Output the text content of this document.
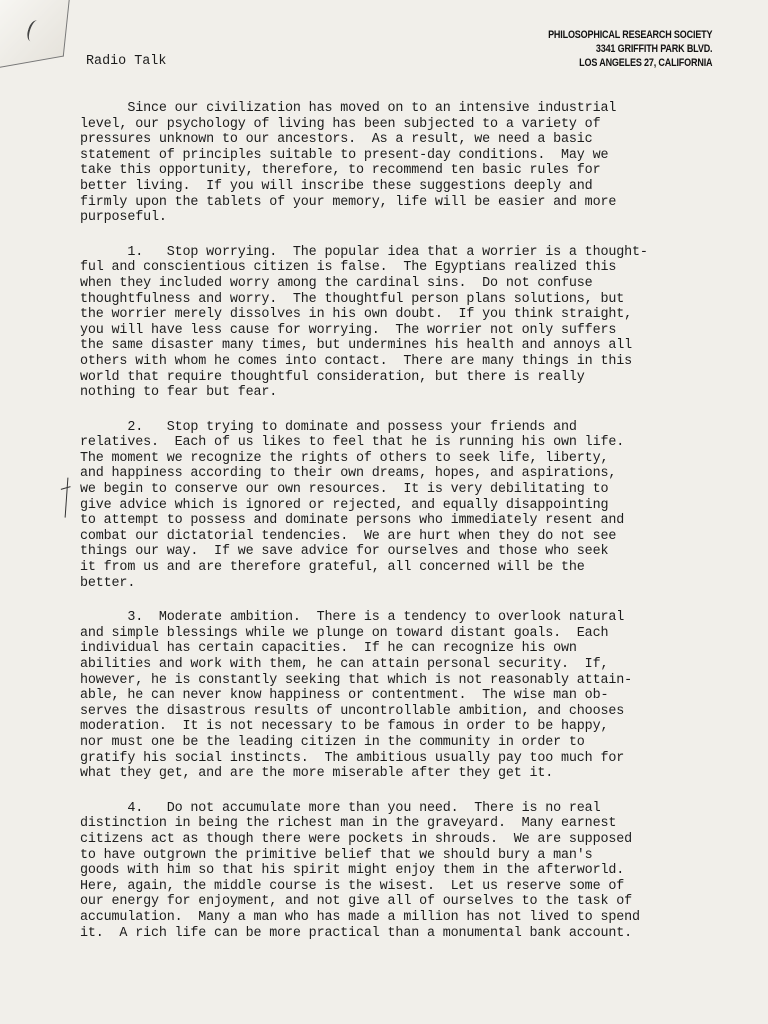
PHILOSOPHICAL RESEARCH SOCIETY
3341 GRIFFITH PARK BLVD.
LOS ANGELES 27, CALIFORNIA
Radio Talk
Since our civilization has moved on to an intensive industrial
level, our psychology of living has been subjected to a variety of
pressures unknown to our ancestors.  As a result, we need a basic
statement of principles suitable to present-day conditions.  May we
take this opportunity, therefore, to recommend ten basic rules for
better living.  If you will inscribe these suggestions deeply and
firmly upon the tablets of your memory, life will be easier and more
purposeful.
1.   Stop worrying.  The popular idea that a worrier is a thought-
ful and conscientious citizen is false.  The Egyptians realized this
when they included worry among the cardinal sins.  Do not confuse
thoughtfulness and worry.  The thoughtful person plans solutions, but
the worrier merely dissolves in his own doubt.  If you think straight,
you will have less cause for worrying.  The worrier not only suffers
the same disaster many times, but undermines his health and annoys all
others with whom he comes into contact.  There are many things in this
world that require thoughtful consideration, but there is really
nothing to fear but fear.
2.   Stop trying to dominate and possess your friends and
relatives.  Each of us likes to feel that he is running his own life.
The moment we recognize the rights of others to seek life, liberty,
and happiness according to their own dreams, hopes, and aspirations,
we begin to conserve our own resources.  It is very debilitating to
give advice which is ignored or rejected, and equally disappointing
to attempt to possess and dominate persons who immediately resent and
combat our dictatorial tendencies.  We are hurt when they do not see
things our way.  If we save advice for ourselves and those who seek
it from us and are therefore grateful, all concerned will be the
better.
3.  Moderate ambition.  There is a tendency to overlook natural
and simple blessings while we plunge on toward distant goals.  Each
individual has certain capacities.  If he can recognize his own
abilities and work with them, he can attain personal security.  If,
however, he is constantly seeking that which is not reasonably attain-
able, he can never know happiness or contentment.  The wise man ob-
serves the disastrous results of uncontrollable ambition, and chooses
moderation.  It is not necessary to be famous in order to be happy,
nor must one be the leading citizen in the community in order to
gratify his social instincts.  The ambitious usually pay too much for
what they get, and are the more miserable after they get it.
4.   Do not accumulate more than you need.  There is no real
distinction in being the richest man in the graveyard.  Many earnest
citizens act as though there were pockets in shrouds.  We are supposed
to have outgrown the primitive belief that we should bury a man's
goods with him so that his spirit might enjoy them in the afterworld.
Here, again, the middle course is the wisest.  Let us reserve some of
our energy for enjoyment, and not give all of ourselves to the task of
accumulation.  Many a man who has made a million has not lived to spend
it.  A rich life can be more practical than a monumental bank account.
